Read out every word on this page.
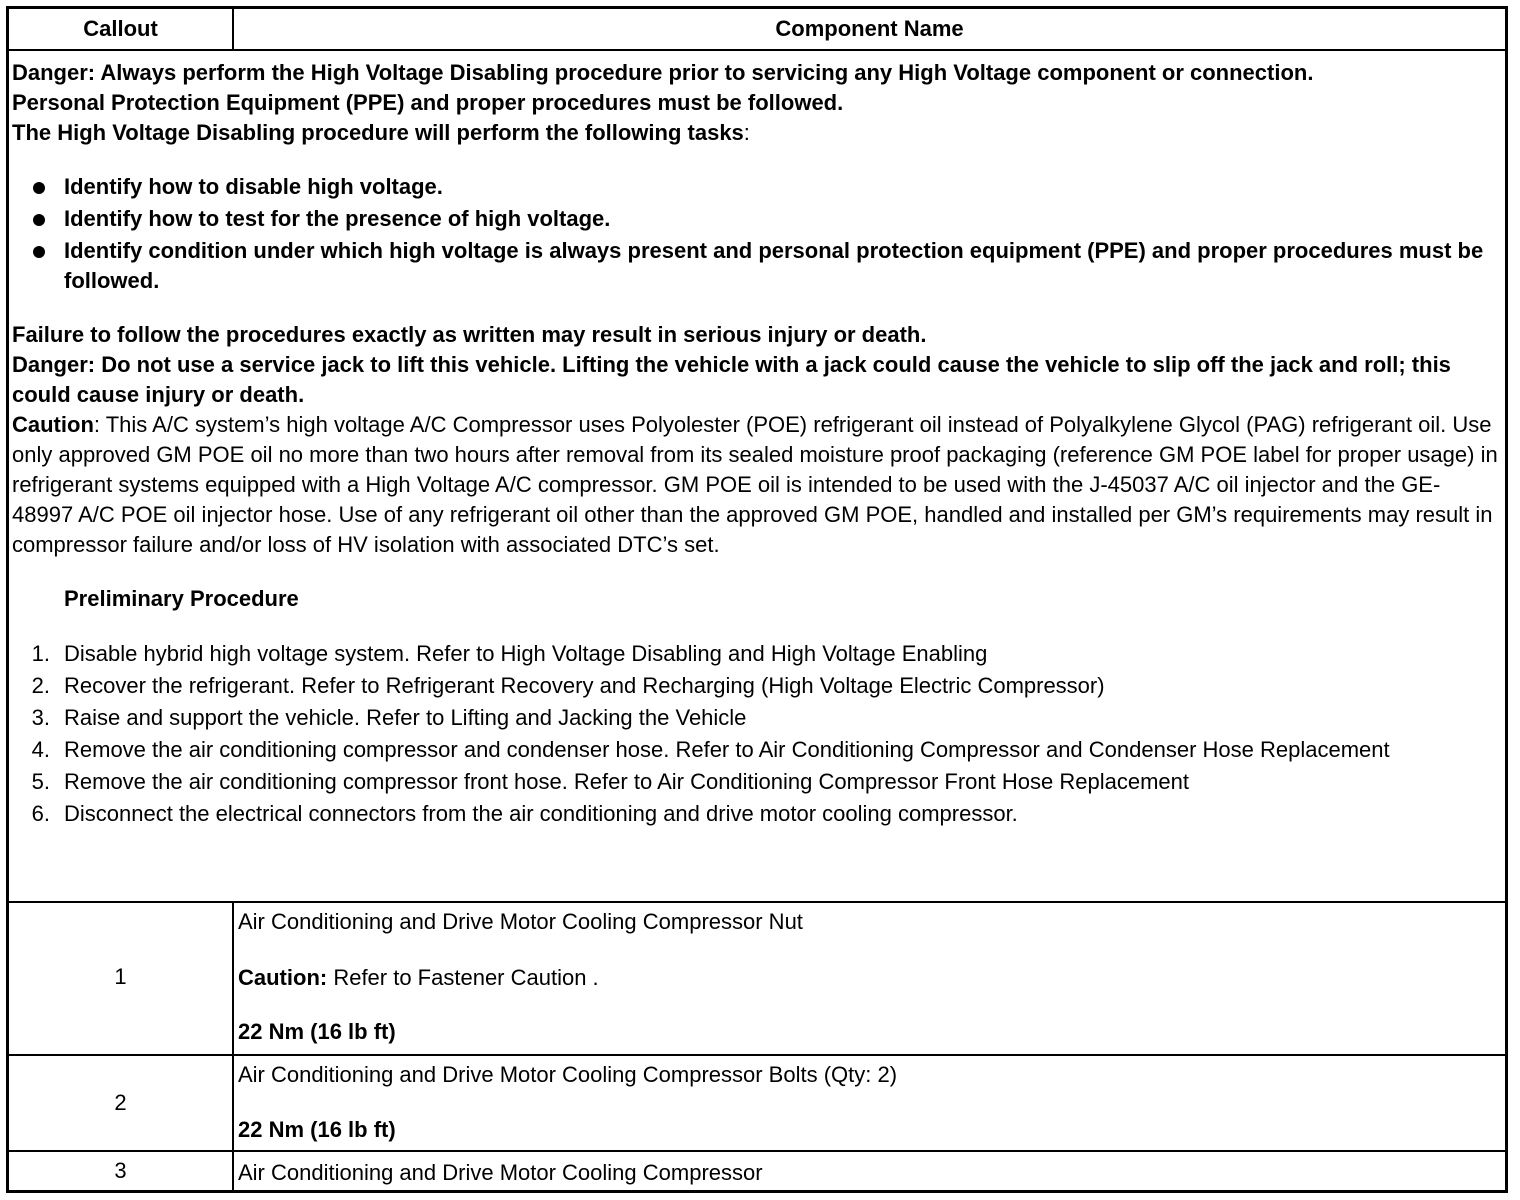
Callout	Component Name

Danger: Always perform the High Voltage Disabling procedure prior to servicing any High Voltage component or connection.

Personal Protection Equipment (PPE) and proper procedures must be followed.

The High Voltage Disabling procedure will perform the following tasks:

Identify how to disable high voltage.

Identify how to test for the presence of high voltage.

Identify condition under which high voltage is always present and personal protection equipment (PPE) and proper procedures must be followed.

Failure to follow the procedures exactly as written may result in serious injury or death.

Danger: Do not use a service jack to lift this vehicle. Lifting the vehicle with a jack could cause the vehicle to slip off the jack and roll; this could cause injury or death.

Caution: This A/C system’s high voltage A/C Compressor uses Polyolester (POE) refrigerant oil instead of Polyalkylene Glycol (PAG) refrigerant oil. Use only approved GM POE oil no more than two hours after removal from its sealed moisture proof packaging (reference GM POE label for proper usage) in refrigerant systems equipped with a High Voltage A/C compressor. GM POE oil is intended to be used with the J-45037 A/C oil injector and the GE-48997 A/C POE oil injector hose. Use of any refrigerant oil other than the approved GM POE, handled and installed per GM’s requirements may result in compressor failure and/or loss of HV isolation with associated DTC’s set.

Preliminary Procedure

1. Disable hybrid high voltage system. Refer to High Voltage Disabling and High Voltage Enabling

2. Recover the refrigerant. Refer to Refrigerant Recovery and Recharging (High Voltage Electric Compressor)

3. Raise and support the vehicle. Refer to Lifting and Jacking the Vehicle

4. Remove the air conditioning compressor and condenser hose. Refer to Air Conditioning Compressor and Condenser Hose Replacement

5. Remove the air conditioning compressor front hose. Refer to Air Conditioning Compressor Front Hose Replacement

6. Disconnect the electrical connectors from the air conditioning and drive motor cooling compressor.

1

Air Conditioning and Drive Motor Cooling Compressor Nut

Caution: Refer to Fastener Caution .

22 Nm (16 lb ft)

2

Air Conditioning and Drive Motor Cooling Compressor Bolts (Qty: 2)

22 Nm (16 lb ft)

3	Air Conditioning and Drive Motor Cooling Compressor
